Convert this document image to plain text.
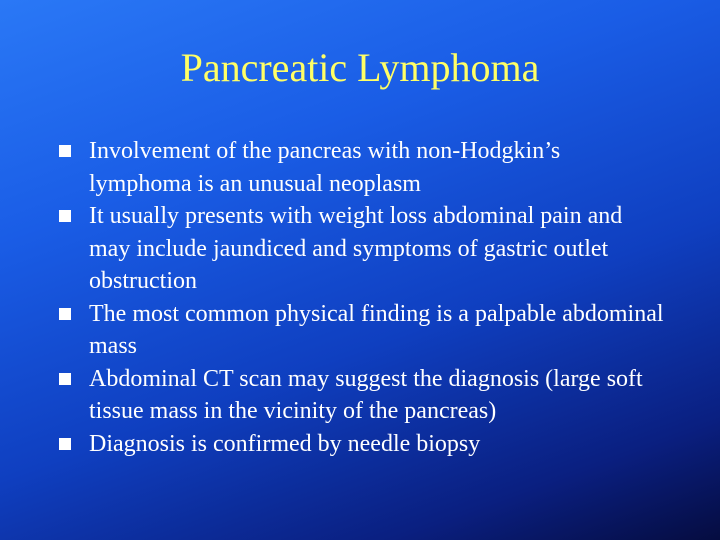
Pancreatic Lymphoma
Involvement of the pancreas with non-Hodgkin’s lymphoma is an unusual neoplasm
It usually presents with weight loss abdominal pain and may include jaundiced and symptoms of gastric outlet obstruction
The most common physical finding is a palpable abdominal mass
Abdominal CT scan may suggest the diagnosis (large soft tissue mass in the vicinity of the pancreas)
Diagnosis is confirmed by needle biopsy
